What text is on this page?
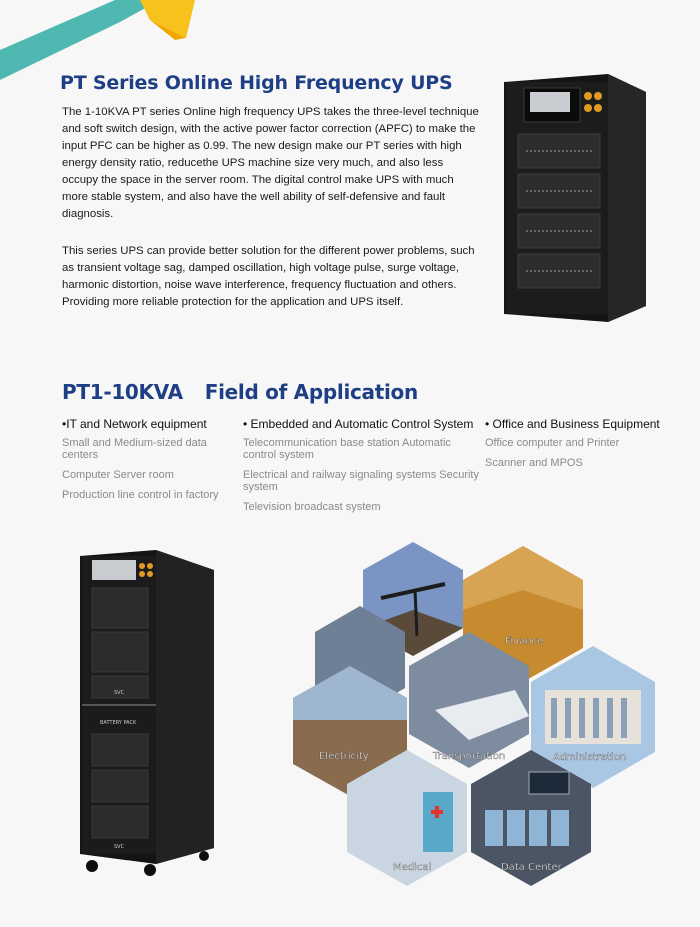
PT Series Online High Frequency UPS

The 1-10KVA PT series Online high frequency UPS takes the three-level technique and soft switch design, with the active power factor correction (APFC) to make the input PFC can be higher as 0.99. The new design make our PT series with high energy density ratio, reducethe UPS machine size very much, and also less occupy the space in the server room. The digital control make UPS with much more stable system, and also have the well ability of self-defensive and fault diagnosis.

This series UPS can provide better solution for the different power problems, such as transient voltage sag, damped oscillation, high voltage pulse, surge voltage, harmonic distortion, noise wave interference, frequency fluctuation and others. Providing more reliable protection for the application and UPS itself.

PT1-10KVA Field of Application
•IT and Network equipment
Small and Medium-sized data centers
Computer Server room
Production line control in factory
• Embedded and Automatic Control System
Telecommunication base station Automatic control system
Electrical and railway signaling systems Security system
Television broadcast system
• Office and Business Equipment
Office computer and Printer
Scanner and MPOS
BATTERY PACK
SVC
SVC
Finance
Electricity	Transportation	Administration
Medical	Data Center
